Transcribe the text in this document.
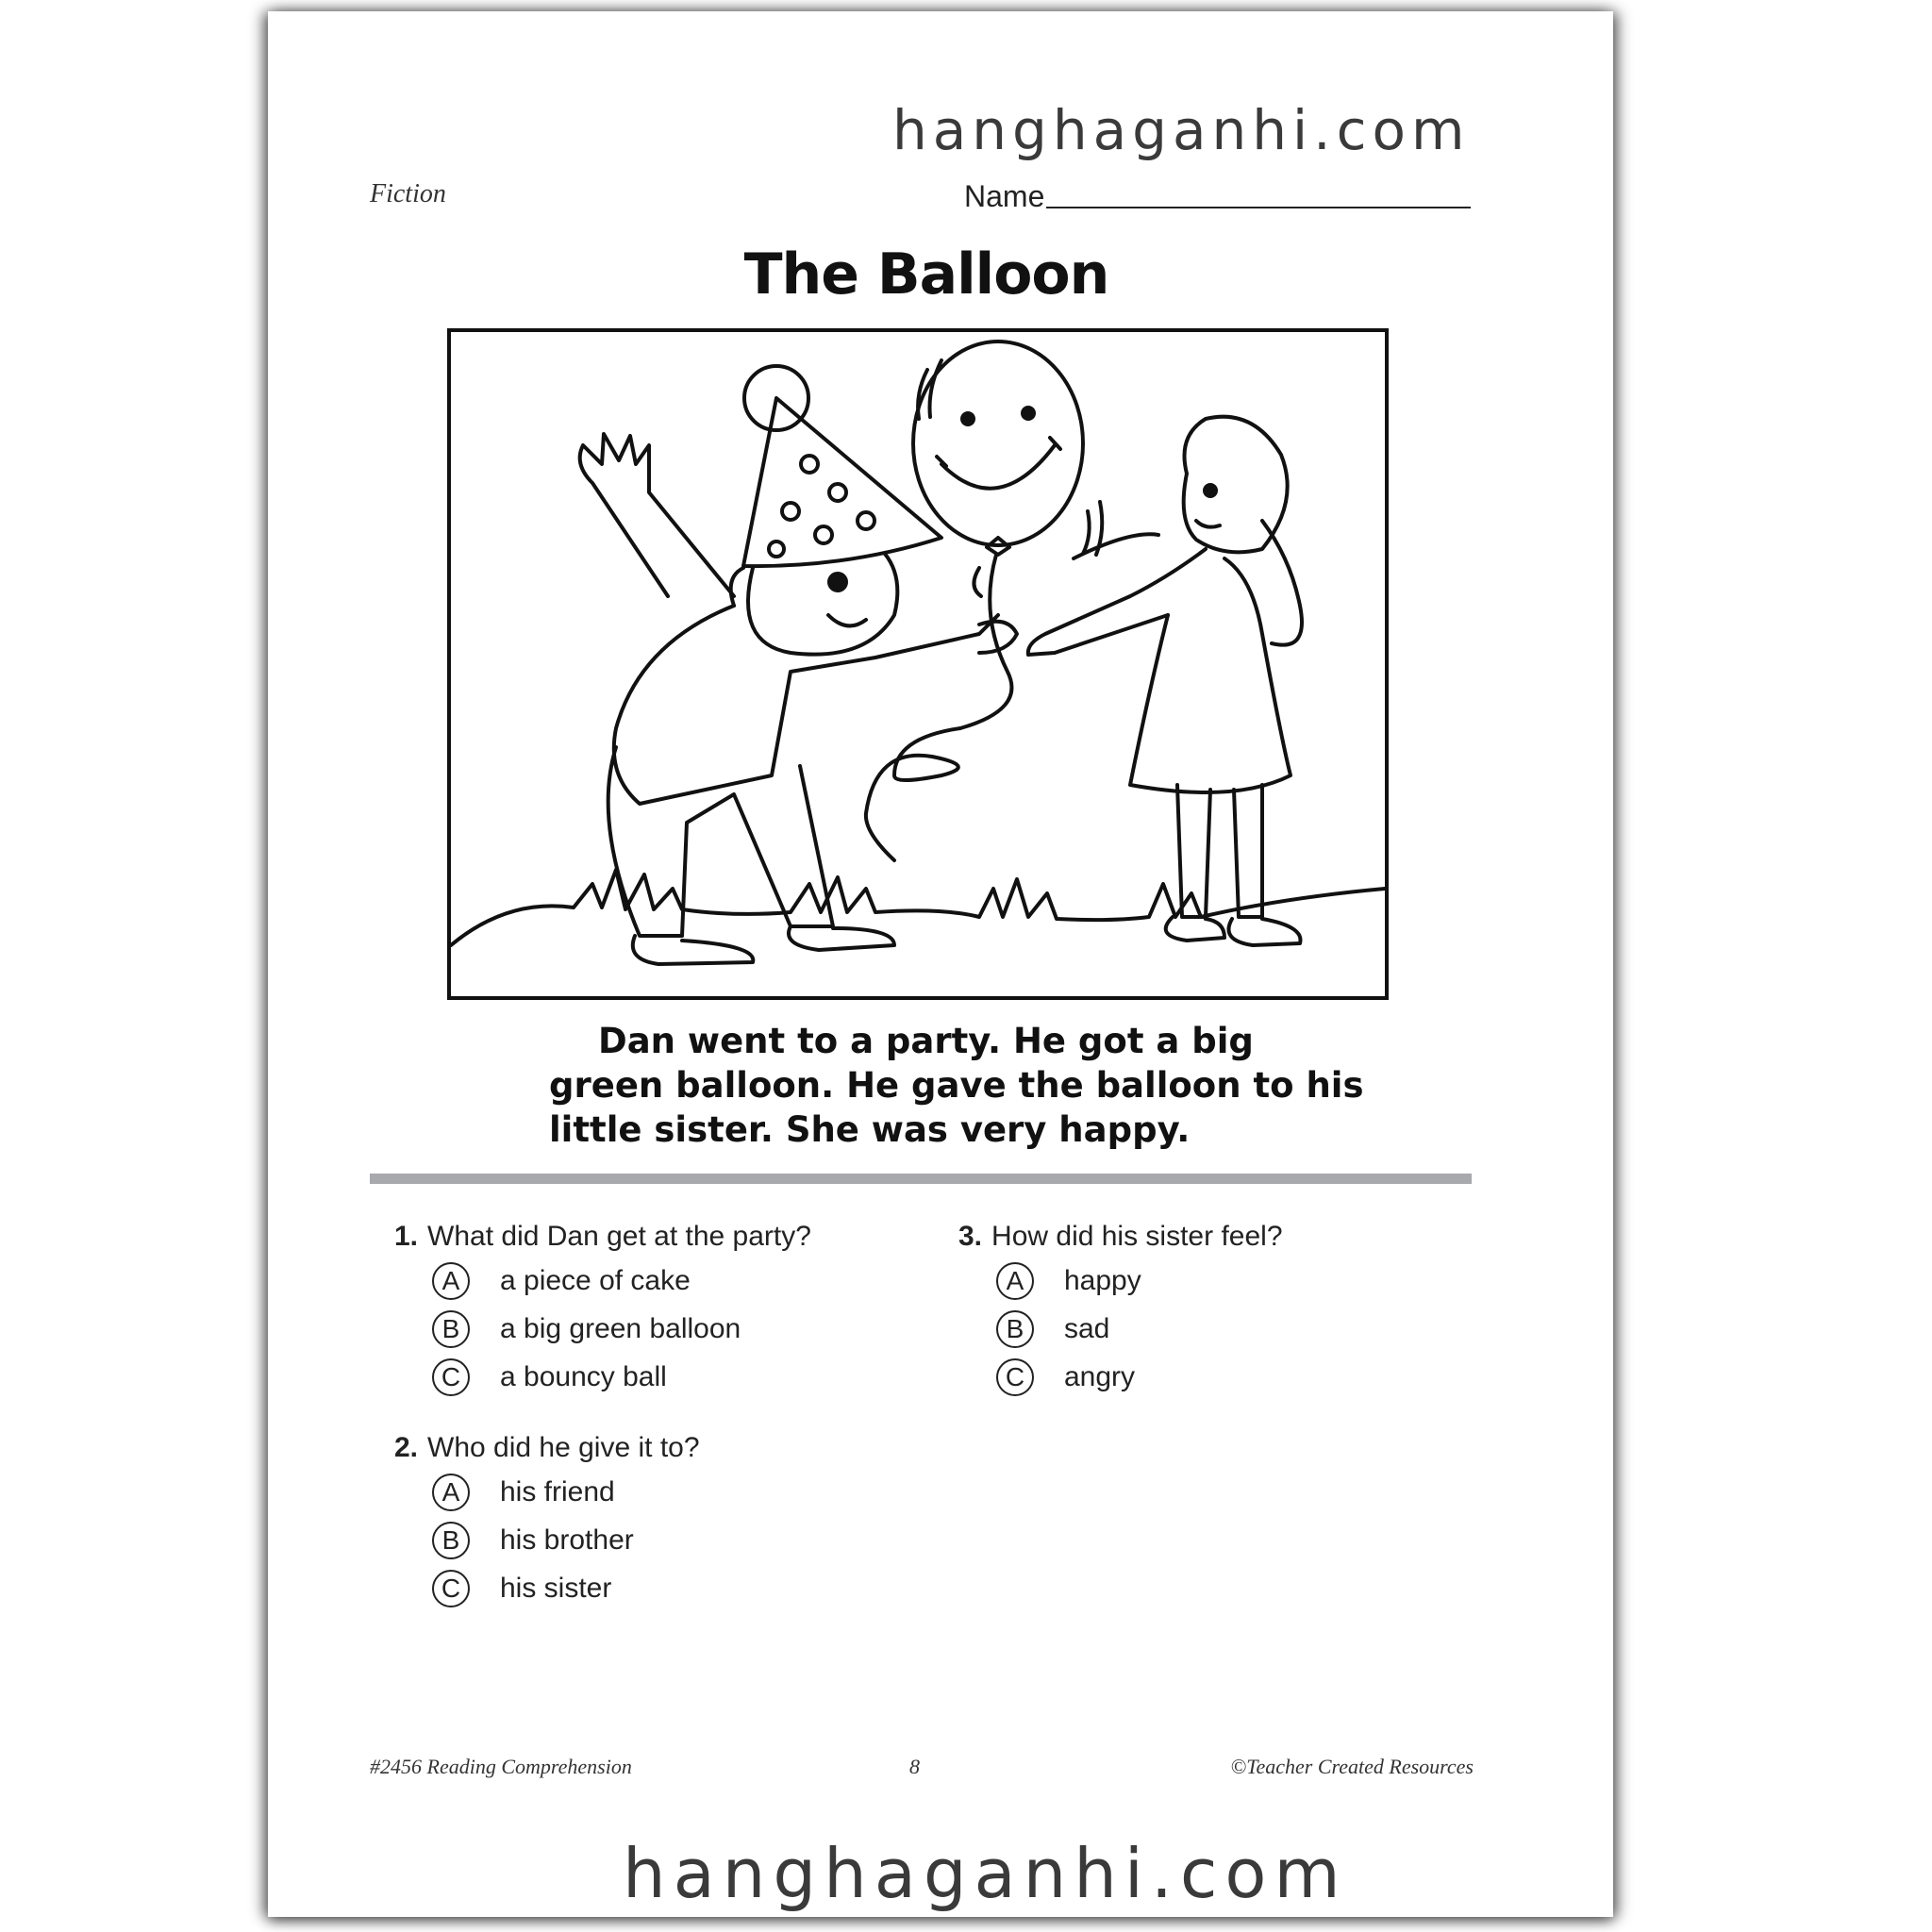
hanghaganhi.com
Fiction	Name
The Balloon
Dan went to a party. He got a big
green balloon. He gave the balloon to his
little sister. She was very happy.
1. What did Dan get at the party?
A	a piece of cake
B	a big green balloon
C	a bouncy ball
2. Who did he give it to?
A	his friend
B	his brother
C	his sister
3. How did his sister feel?
A	happy
B	sad
C	angry
#2456 Reading Comprehension	8	©Teacher Created Resources
hanghaganhi.com
